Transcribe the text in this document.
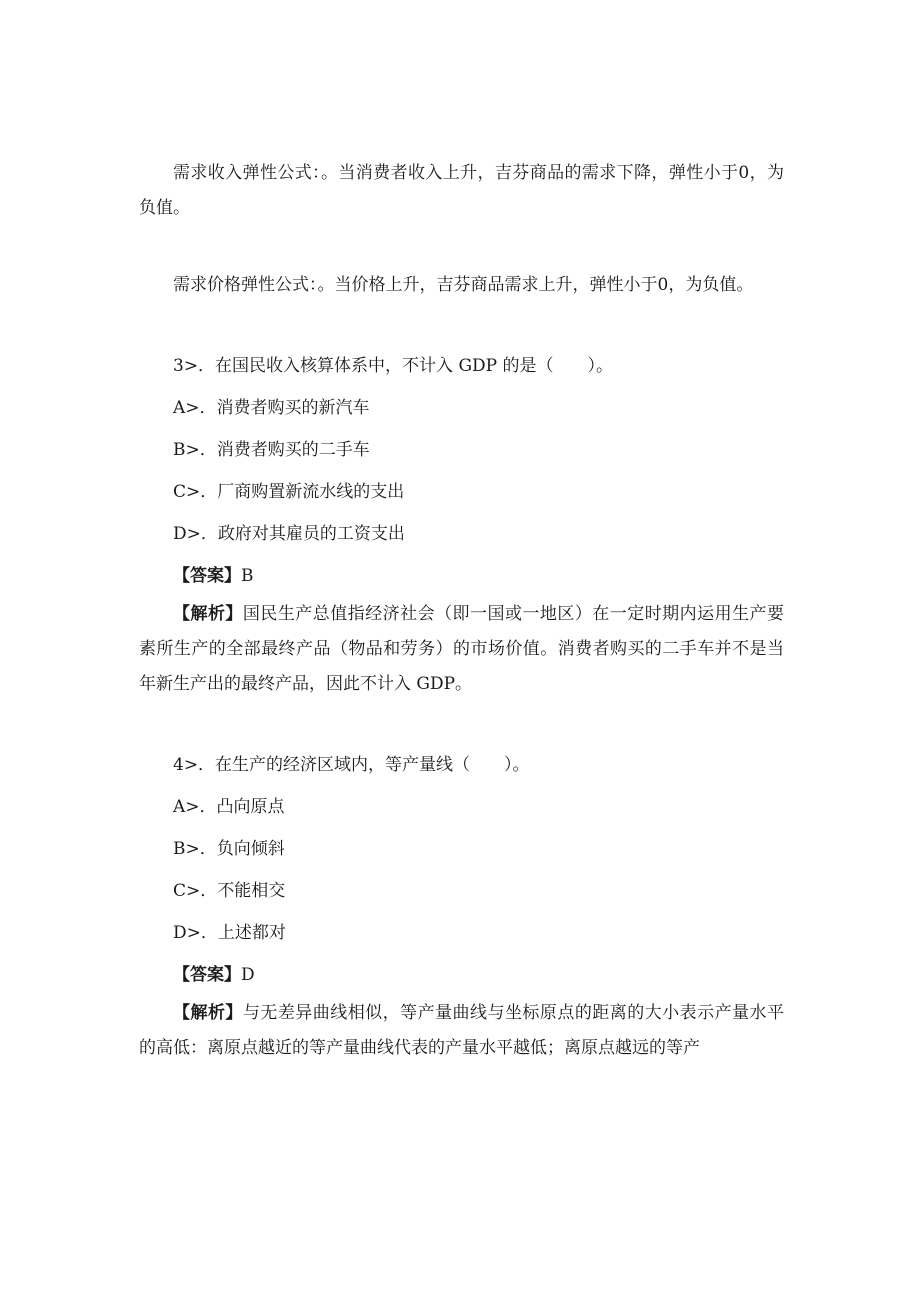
需求收入弹性公式：。当消费者收入上升，吉芬商品的需求下降，弹性小于0，为负值。

需求价格弹性公式：。当价格上升，吉芬商品需求上升，弹性小于0，为负值。

3>．在国民收入核算体系中，不计入 GDP 的是（　　）。

A>．消费者购买的新汽车

B>．消费者购买的二手车

C>．厂商购置新流水线的支出

D>．政府对其雇员的工资支出

【答案】B

【解析】国民生产总值指经济社会（即一国或一地区）在一定时期内运用生产要素所生产的全部最终产品（物品和劳务）的市场价值。消费者购买的二手车并不是当年新生产出的最终产品，因此不计入 GDP。

4>．在生产的经济区域内，等产量线（　　）。

A>．凸向原点

B>．负向倾斜

C>．不能相交

D>．上述都对

【答案】D

【解析】与无差异曲线相似，等产量曲线与坐标原点的距离的大小表示产量水平的高低：离原点越近的等产量曲线代表的产量水平越低；离原点越远的等产
